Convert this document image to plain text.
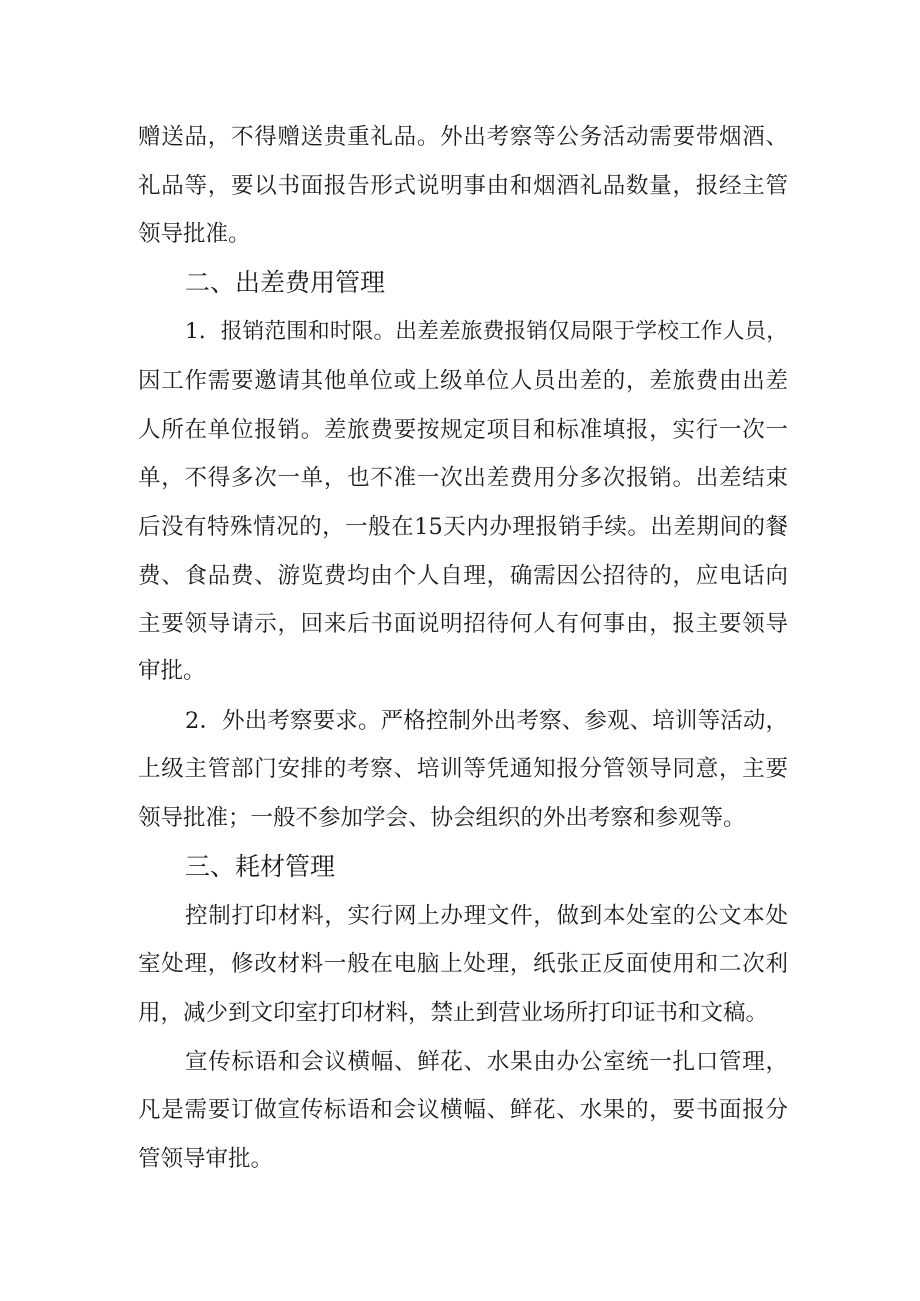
赠送品，不得赠送贵重礼品。外出考察等公务活动需要带烟酒、
礼品等，要以书面报告形式说明事由和烟酒礼品数量，报经主管
领导批准。
二、出差费用管理
1．报销范围和时限。出差差旅费报销仅局限于学校工作人员，
因工作需要邀请其他单位或上级单位人员出差的，差旅费由出差
人所在单位报销。差旅费要按规定项目和标准填报，实行一次一
单，不得多次一单，也不准一次出差费用分多次报销。出差结束
后没有特殊情况的，一般在15天内办理报销手续。出差期间的餐
费、食品费、游览费均由个人自理，确需因公招待的，应电话向
主要领导请示，回来后书面说明招待何人有何事由，报主要领导
审批。
2．外出考察要求。严格控制外出考察、参观、培训等活动，
上级主管部门安排的考察、培训等凭通知报分管领导同意，主要
领导批准；一般不参加学会、协会组织的外出考察和参观等。
三、耗材管理
控制打印材料，实行网上办理文件，做到本处室的公文本处
室处理，修改材料一般在电脑上处理，纸张正反面使用和二次利
用，减少到文印室打印材料，禁止到营业场所打印证书和文稿。
宣传标语和会议横幅、鲜花、水果由办公室统一扎口管理，
凡是需要订做宣传标语和会议横幅、鲜花、水果的，要书面报分
管领导审批。
